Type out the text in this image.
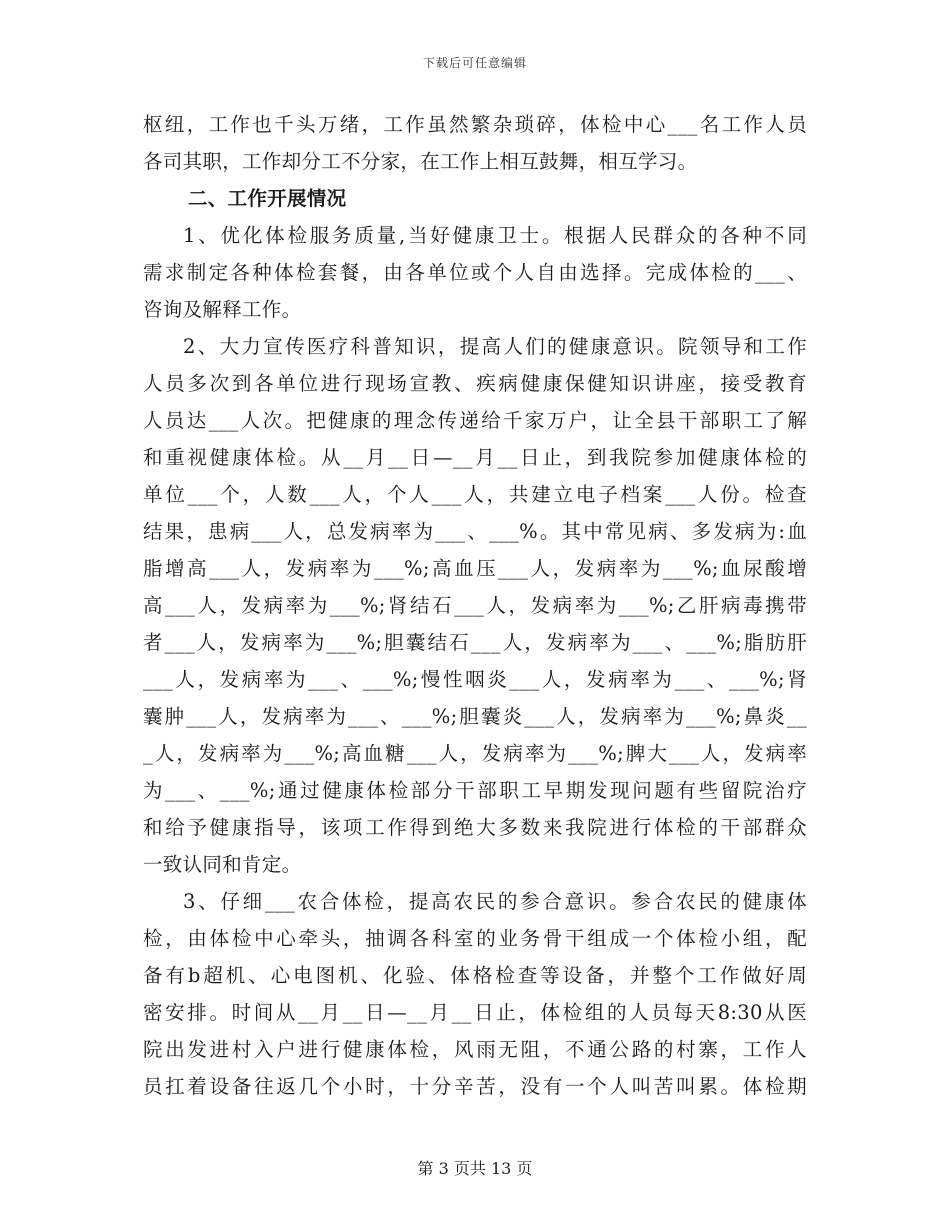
下载后可任意编辑
枢纽，工作也千头万绪，工作虽然繁杂琐碎，体检中心___名工作人员
各司其职，工作却分工不分家，在工作上相互鼓舞，相互学习。
二、工作开展情况
1、优化体检服务质量,当好健康卫士。根据人民群众的各种不同
需求制定各种体检套餐，由各单位或个人自由选择。完成体检的___、
咨询及解释工作。
2、大力宣传医疗科普知识，提高人们的健康意识。院领导和工作
人员多次到各单位进行现场宣教、疾病健康保健知识讲座，接受教育
人员达___人次。把健康的理念传递给千家万户，让全县干部职工了解
和重视健康体检。从__月__日—__月__日止，到我院参加健康体检的
单位___个，人数___人，个人___人，共建立电子档案___人份。检查
结果，患病___人，总发病率为___、___%。其中常见病、多发病为:血
脂增高___人，发病率为___%;高血压___人，发病率为___%;血尿酸增
高___人，发病率为___%;肾结石___人，发病率为___%;乙肝病毒携带
者___人，发病率为___%;胆囊结石___人，发病率为___、___%;脂肪肝
___人，发病率为___、___%;慢性咽炎___人，发病率为___、___%;肾
囊肿___人，发病率为___、___%;胆囊炎___人，发病率为___%;鼻炎__
_人，发病率为___%;高血糖___人，发病率为___%;脾大___人，发病率
为___、___%;通过健康体检部分干部职工早期发现问题有些留院治疗
和给予健康指导，该项工作得到绝大多数来我院进行体检的干部群众
一致认同和肯定。
3、仔细___农合体检，提高农民的参合意识。参合农民的健康体
检，由体检中心牵头，抽调各科室的业务骨干组成一个体检小组，配
备有b超机、心电图机、化验、体格检查等设备，并整个工作做好周
密安排。时间从__月__日—__月__日止，体检组的人员每天8:30从医
院出发进村入户进行健康体检，风雨无阻，不通公路的村寨，工作人
员扛着设备往返几个小时，十分辛苦，没有一个人叫苦叫累。体检期
第 3 页共 13 页
